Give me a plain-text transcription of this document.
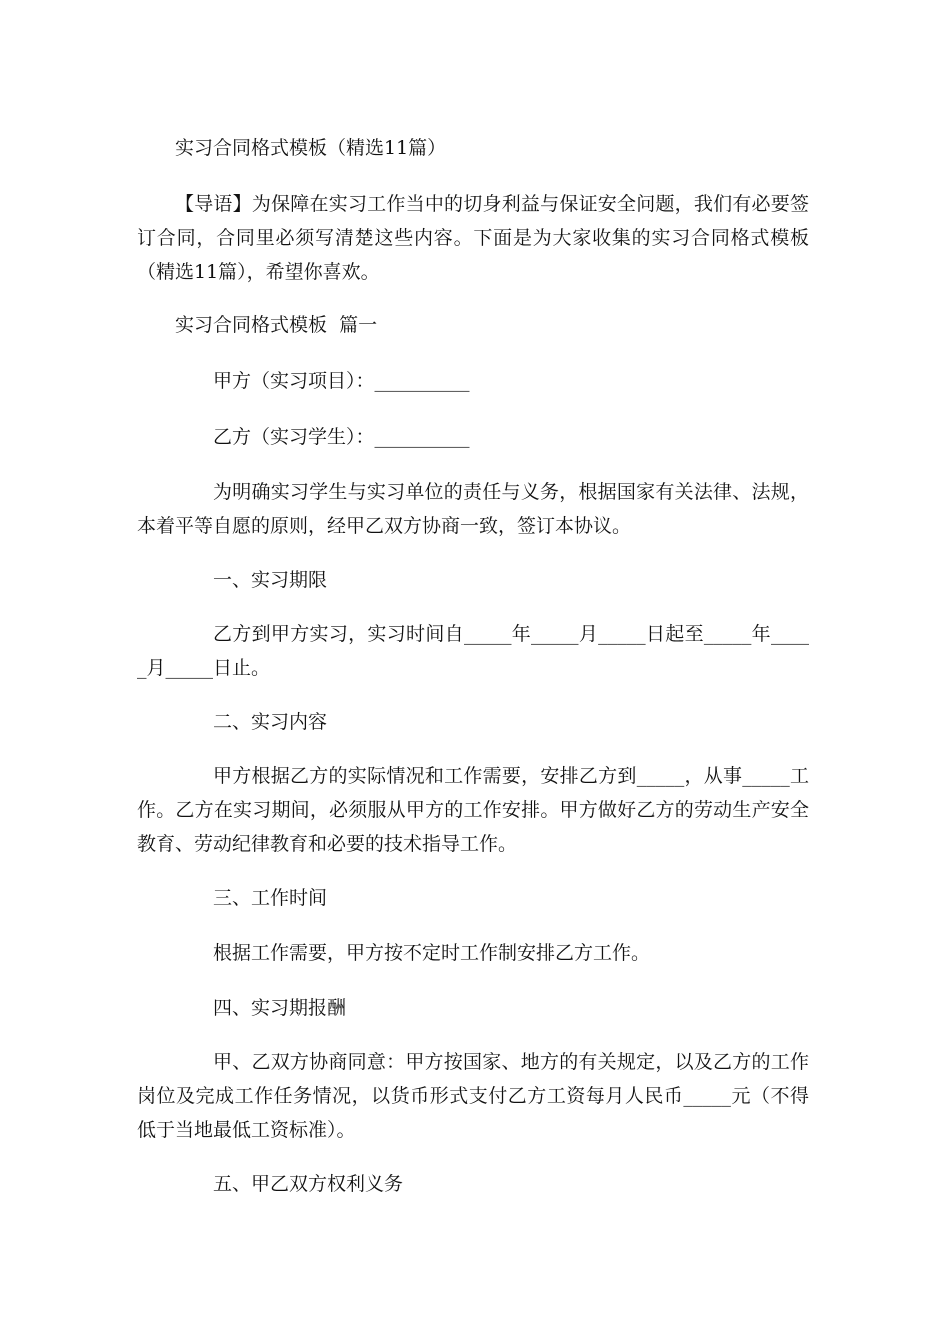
实习合同格式模板（精选11篇）
【导语】为保障在实习工作当中的切身利益与保证安全问题，我们有必要签
订合同，合同里必须写清楚这些内容。下面是为大家收集的实习合同格式模板
（精选11篇），希望你喜欢。
实习合同格式模板  篇一
甲方（实习项目）：__________
乙方（实习学生）：__________
为明确实习学生与实习单位的责任与义务，根据国家有关法律、法规，
本着平等自愿的原则，经甲乙双方协商一致，签订本协议。
一、实习期限
乙方到甲方实习，实习时间自_____年_____月_____日起至_____年____
_月_____日止。
二、实习内容
甲方根据乙方的实际情况和工作需要，安排乙方到_____，从事_____工
作。乙方在实习期间，必须服从甲方的工作安排。甲方做好乙方的劳动生产安全
教育、劳动纪律教育和必要的技术指导工作。
三、工作时间
根据工作需要，甲方按不定时工作制安排乙方工作。
四、实习期报酬
甲、乙双方协商同意：甲方按国家、地方的有关规定，以及乙方的工作
岗位及完成工作任务情况，以货币形式支付乙方工资每月人民币_____元（不得
低于当地最低工资标准）。
五、甲乙双方权利义务
